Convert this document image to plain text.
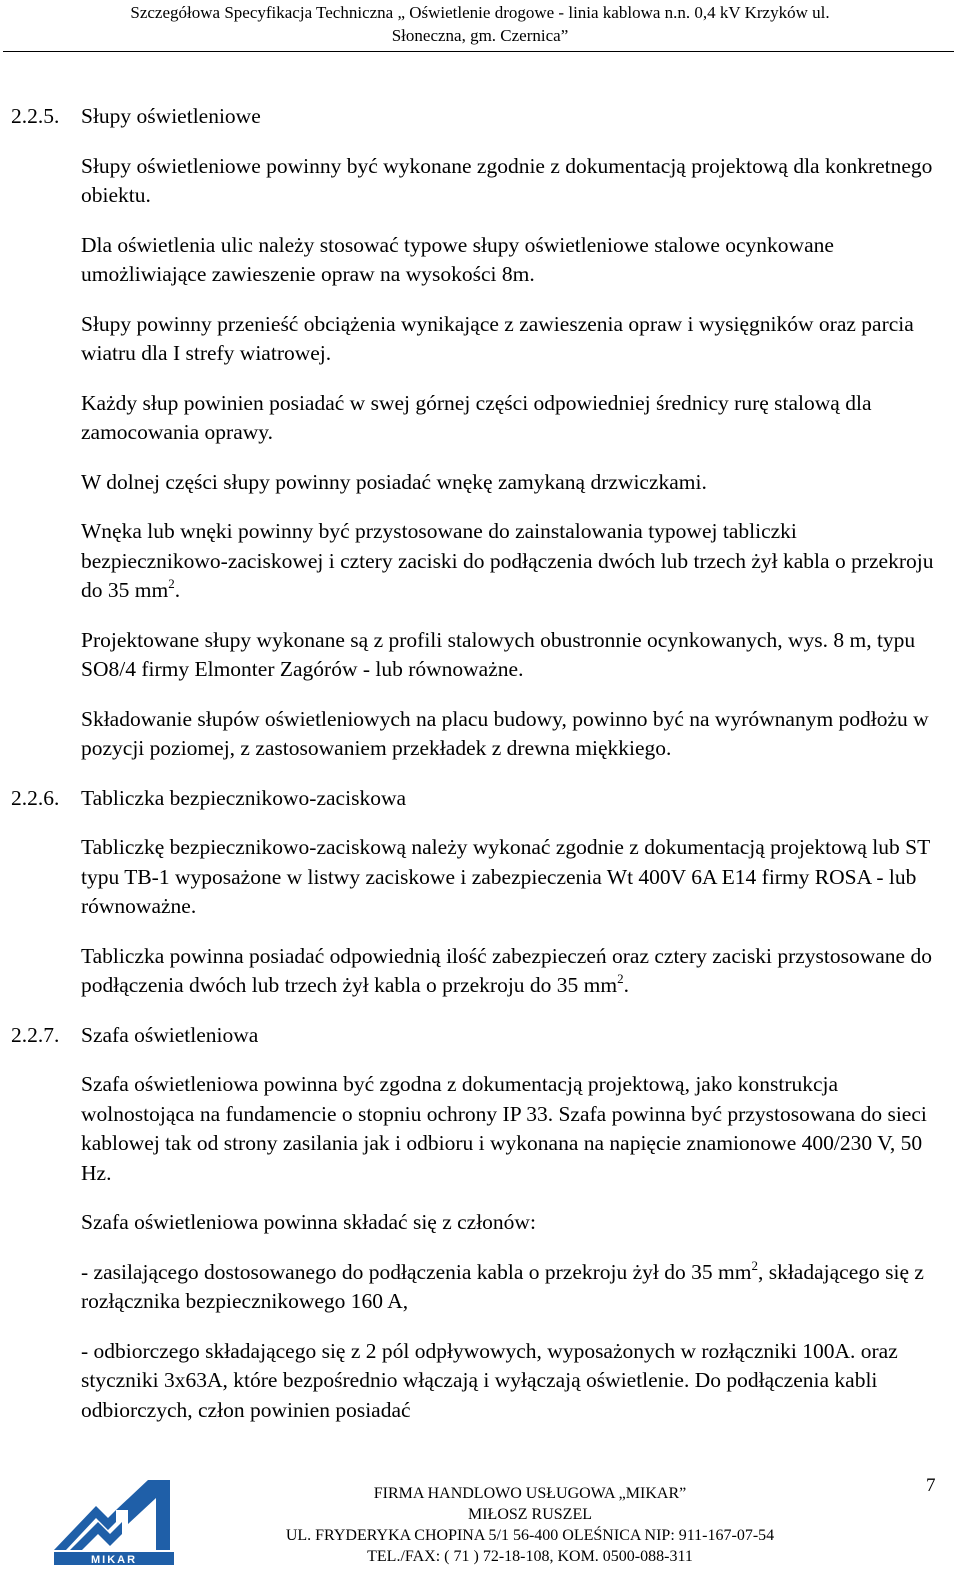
Szczegółowa Specyfikacja Techniczna „ Oświetlenie drogowe - linia kablowa n.n. 0,4 kV Krzyków ul.
Słoneczna, gm. Czernica”
2.2.5.	Słupy oświetleniowe

Słupy oświetleniowe powinny być wykonane zgodnie z dokumentacją projektową dla konkretnego obiektu.

Dla oświetlenia ulic należy stosować typowe słupy oświetleniowe stalowe ocynkowane umożliwiające zawieszenie opraw na wysokości 8m.

Słupy powinny przenieść obciążenia wynikające z zawieszenia opraw i wysięgników oraz parcia wiatru dla I strefy wiatrowej.

Każdy słup powinien posiadać w swej górnej części odpowiedniej średnicy rurę stalową dla zamocowania oprawy.

W dolnej części słupy powinny posiadać wnękę zamykaną drzwiczkami.

Wnęka lub wnęki powinny być przystosowane do zainstalowania typowej tabliczki bezpiecznikowo-zaciskowej i cztery zaciski do podłączenia dwóch lub trzech żył kabla o przekroju do 35 $mm^2$.

Projektowane słupy wykonane są z profili stalowych obustronnie ocynkowanych, wys. 8 m, typu SO8/4 firmy Elmonter Zagórów - lub równoważne.

Składowanie słupów oświetleniowych na placu budowy, powinno być na wyrównanym podłożu w pozycji poziomej, z zastosowaniem przekładek z drewna miękkiego.

2.2.6.	Tabliczka bezpiecznikowo-zaciskowa

Tabliczkę bezpiecznikowo-zaciskową należy wykonać zgodnie z dokumentacją projektową lub ST typu TB-1 wyposażone w listwy zaciskowe i zabezpieczenia Wt 400V 6A E14 firmy ROSA - lub równoważne.

Tabliczka powinna posiadać odpowiednią ilość zabezpieczeń oraz cztery zaciski przystosowane do podłączenia dwóch lub trzech żył kabla o przekroju do 35 $mm^2$.

2.2.7.	Szafa oświetleniowa

Szafa oświetleniowa powinna być zgodna z dokumentacją projektową, jako konstrukcja wolnostojąca na fundamencie o stopniu ochrony IP 33. Szafa powinna być przystosowana do sieci kablowej tak od strony zasilania jak i odbioru i wykonana na napięcie znamionowe 400/230 V, 50 Hz.

Szafa oświetleniowa powinna składać się z członów:

- zasilającego dostosowanego do podłączenia kabla o przekroju żył do 35 $mm^2$, składającego się z rozłącznika bezpiecznikowego 160 A,

- odbiorczego składającego się z 2 pól odpływowych, wyposażonych w rozłączniki 100A. oraz styczniki 3x63A, które bezpośrednio włączają i wyłączają oświetlenie. Do podłączenia kabli odbiorczych, człon powinien posiadać

7
MIKAR
FIRMA HANDLOWO USŁUGOWA „MIKAR”
MIŁOSZ RUSZEL
UL. FRYDERYKA CHOPINA 5/1 56-400 OLEŚNICA NIP: 911-167-07-54
TEL./FAX: ( 71 ) 72-18-108, KOM. 0500-088-311
